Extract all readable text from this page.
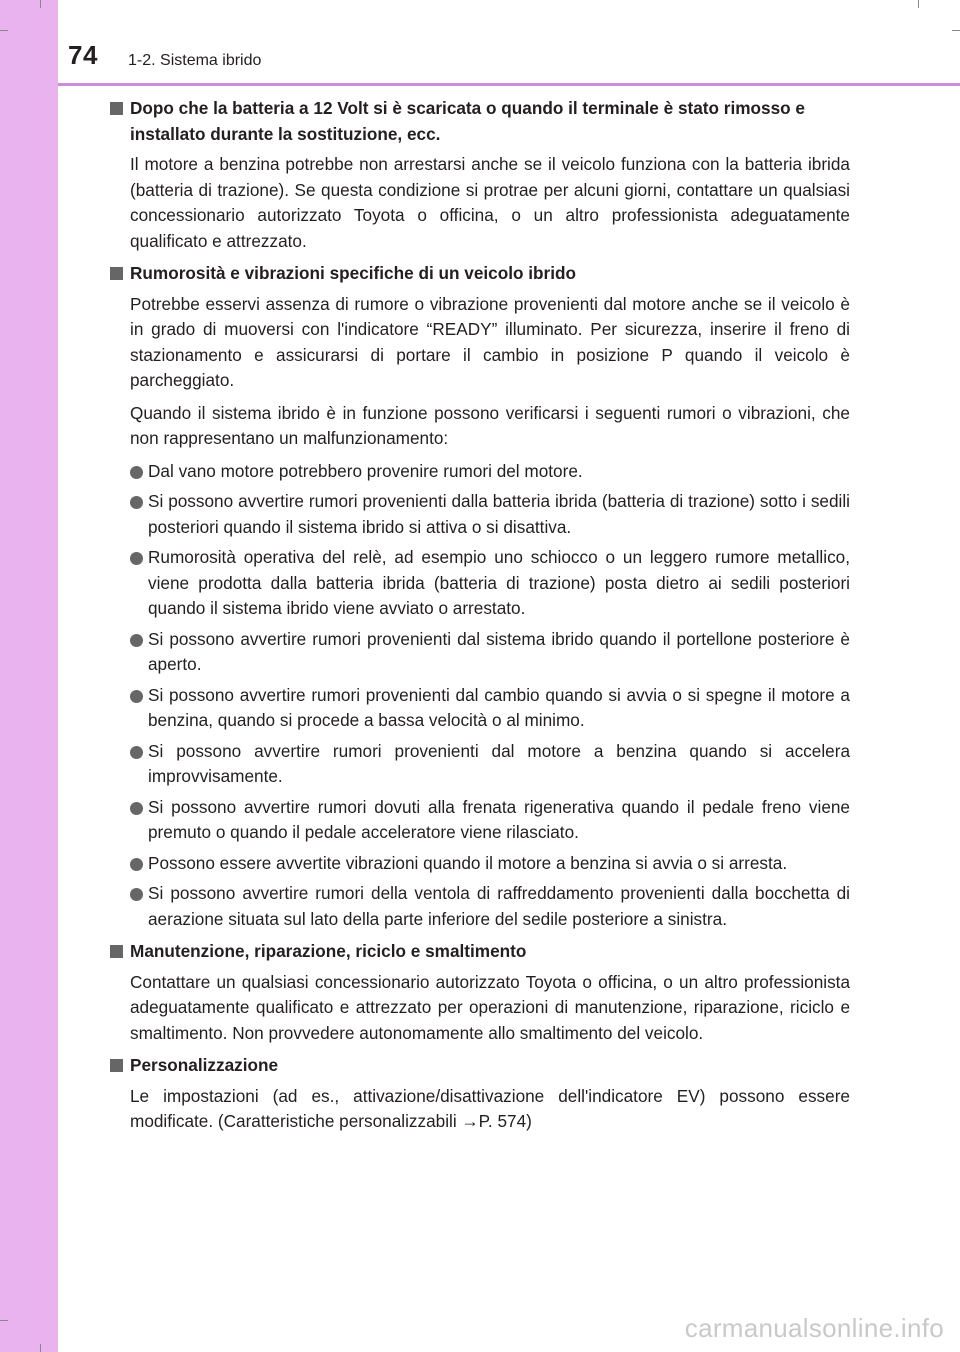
74 1-2. Sistema ibrido
Dopo che la batteria a 12 Volt si è scaricata o quando il terminale è stato rimosso e installato durante la sostituzione, ecc.

Il motore a benzina potrebbe non arrestarsi anche se il veicolo funziona con la batteria ibrida (batteria di trazione). Se questa condizione si protrae per alcuni giorni, contattare un qualsiasi concessionario autorizzato Toyota o officina, o un altro professionista adeguatamente qualificato e attrezzato.

Rumorosità e vibrazioni specifiche di un veicolo ibrido

Potrebbe esservi assenza di rumore o vibrazione provenienti dal motore anche se il veicolo è in grado di muoversi con l'indicatore “READY” illuminato. Per sicurezza, inserire il freno di stazionamento e assicurarsi di portare il cambio in posizione P quando il veicolo è parcheggiato.

Quando il sistema ibrido è in funzione possono verificarsi i seguenti rumori o vibrazioni, che non rappresentano un malfunzionamento:

Dal vano motore potrebbero provenire rumori del motore.
Si possono avvertire rumori provenienti dalla batteria ibrida (batteria di trazione) sotto i sedili posteriori quando il sistema ibrido si attiva o si disattiva.
Rumorosità operativa del relè, ad esempio uno schiocco o un leggero rumore metallico, viene prodotta dalla batteria ibrida (batteria di trazione) posta dietro ai sedili posteriori quando il sistema ibrido viene avviato o arrestato.
Si possono avvertire rumori provenienti dal sistema ibrido quando il portellone posteriore è aperto.
Si possono avvertire rumori provenienti dal cambio quando si avvia o si spegne il motore a benzina, quando si procede a bassa velocità o al minimo.
Si possono avvertire rumori provenienti dal motore a benzina quando si accelera improvvisamente.
Si possono avvertire rumori dovuti alla frenata rigenerativa quando il pedale freno viene premuto o quando il pedale acceleratore viene rilasciato.
Possono essere avvertite vibrazioni quando il motore a benzina si avvia o si arresta.
Si possono avvertire rumori della ventola di raffreddamento provenienti dalla bocchetta di aerazione situata sul lato della parte inferiore del sedile posteriore a sinistra.
Manutenzione, riparazione, riciclo e smaltimento

Contattare un qualsiasi concessionario autorizzato Toyota o officina, o un altro professionista adeguatamente qualificato e attrezzato per operazioni di manutenzione, riparazione, riciclo e smaltimento. Non provvedere autonomamente allo smaltimento del veicolo.

Personalizzazione

Le impostazioni (ad es., attivazione/disattivazione dell'indicatore EV) possono essere modificate. (Caratteristiche personalizzabili →P. 574)

carmanualsonline.info
